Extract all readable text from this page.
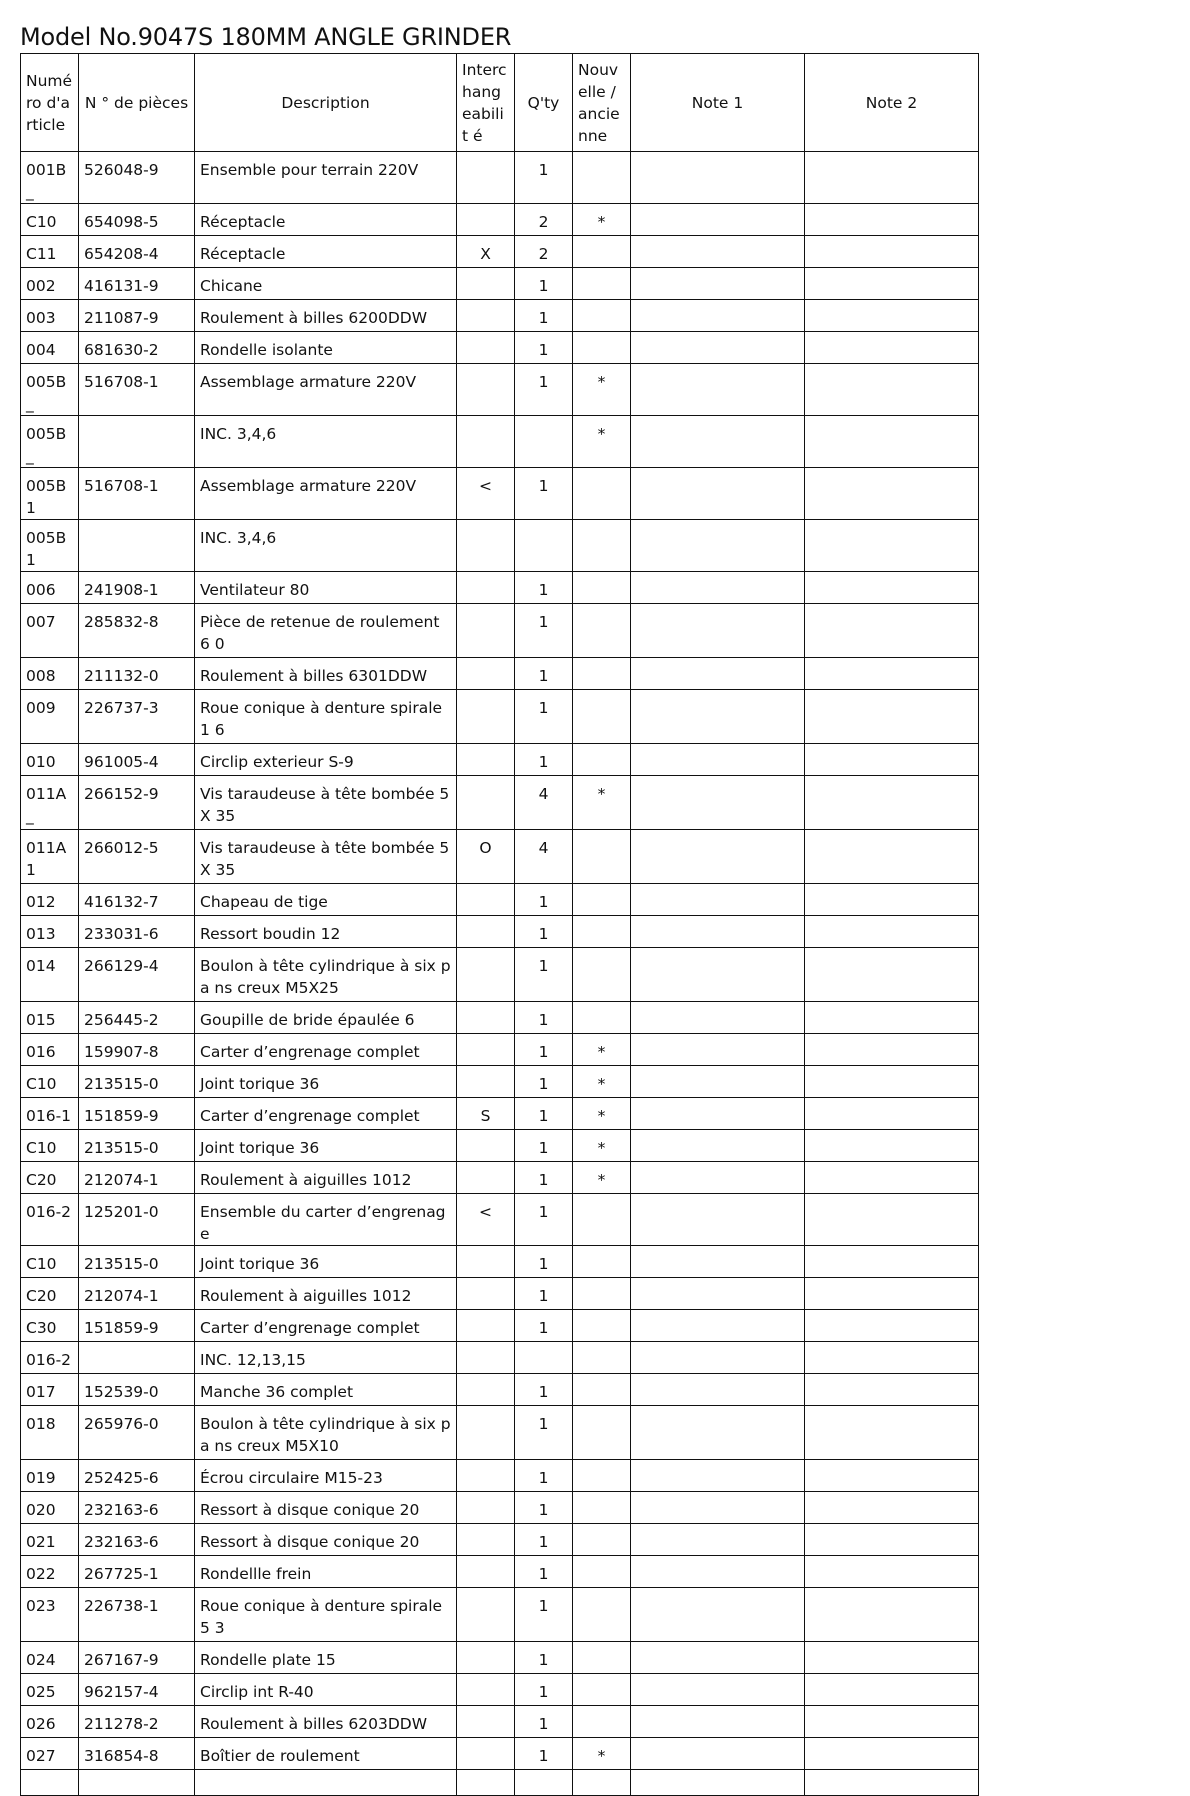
Model No.9047S 180MM ANGLE GRINDER
Numé ro d'a rticle	N ° de pièces	Description	Interc hang eabilit é	Q'ty	Nouv elle / ancie nne	Note 1	Note 2
001B_	526048-9	Ensemble pour terrain 220V		1			
C10	654098-5	Réceptacle		2	*		
C11	654208-4	Réceptacle	X	2			
002	416131-9	Chicane		1			
003	211087-9	Roulement à billes 6200DDW		1			
004	681630-2	Rondelle isolante		1			
005B_	516708-1	Assemblage armature 220V		1	*		
005B_		INC. 3,4,6			*		
005B1	516708-1	Assemblage armature 220V	<	1			
005B1		INC. 3,4,6					
006	241908-1	Ventilateur 80		1			
007	285832-8	Pièce de retenue de roulement 6 0		1			
008	211132-0	Roulement à billes 6301DDW		1			
009	226737-3	Roue conique à denture spirale 1 6		1			
010	961005-4	Circlip exterieur S-9		1			
011A_	266152-9	Vis taraudeuse à tête bombée 5X 35		4	*		
011A1	266012-5	Vis taraudeuse à tête bombée 5X 35	O	4			
012	416132-7	Chapeau de tige		1			
013	233031-6	Ressort boudin 12		1			
014	266129-4	Boulon à tête cylindrique à six pa ns creux M5X25		1			
015	256445-2	Goupille de bride épaulée 6		1			
016	159907-8	Carter d’engrenage complet		1	*		
C10	213515-0	Joint torique 36		1	*		
016-1	151859-9	Carter d’engrenage complet	S	1	*		
C10	213515-0	Joint torique 36		1	*		
C20	212074-1	Roulement à aiguilles 1012		1	*		
016-2	125201-0	Ensemble du carter d’engrenage	<	1			
C10	213515-0	Joint torique 36		1			
C20	212074-1	Roulement à aiguilles 1012		1			
C30	151859-9	Carter d’engrenage complet		1			
016-2		INC. 12,13,15					
017	152539-0	Manche 36 complet		1			
018	265976-0	Boulon à tête cylindrique à six pa ns creux M5X10		1			
019	252425-6	Écrou circulaire M15-23		1			
020	232163-6	Ressort à disque conique 20		1			
021	232163-6	Ressort à disque conique 20		1			
022	267725-1	Rondellle frein		1			
023	226738-1	Roue conique à denture spirale 5 3		1			
024	267167-9	Rondelle plate 15		1			
025	962157-4	Circlip int R-40		1			
026	211278-2	Roulement à billes 6203DDW		1			
027	316854-8	Boîtier de roulement		1	*		
